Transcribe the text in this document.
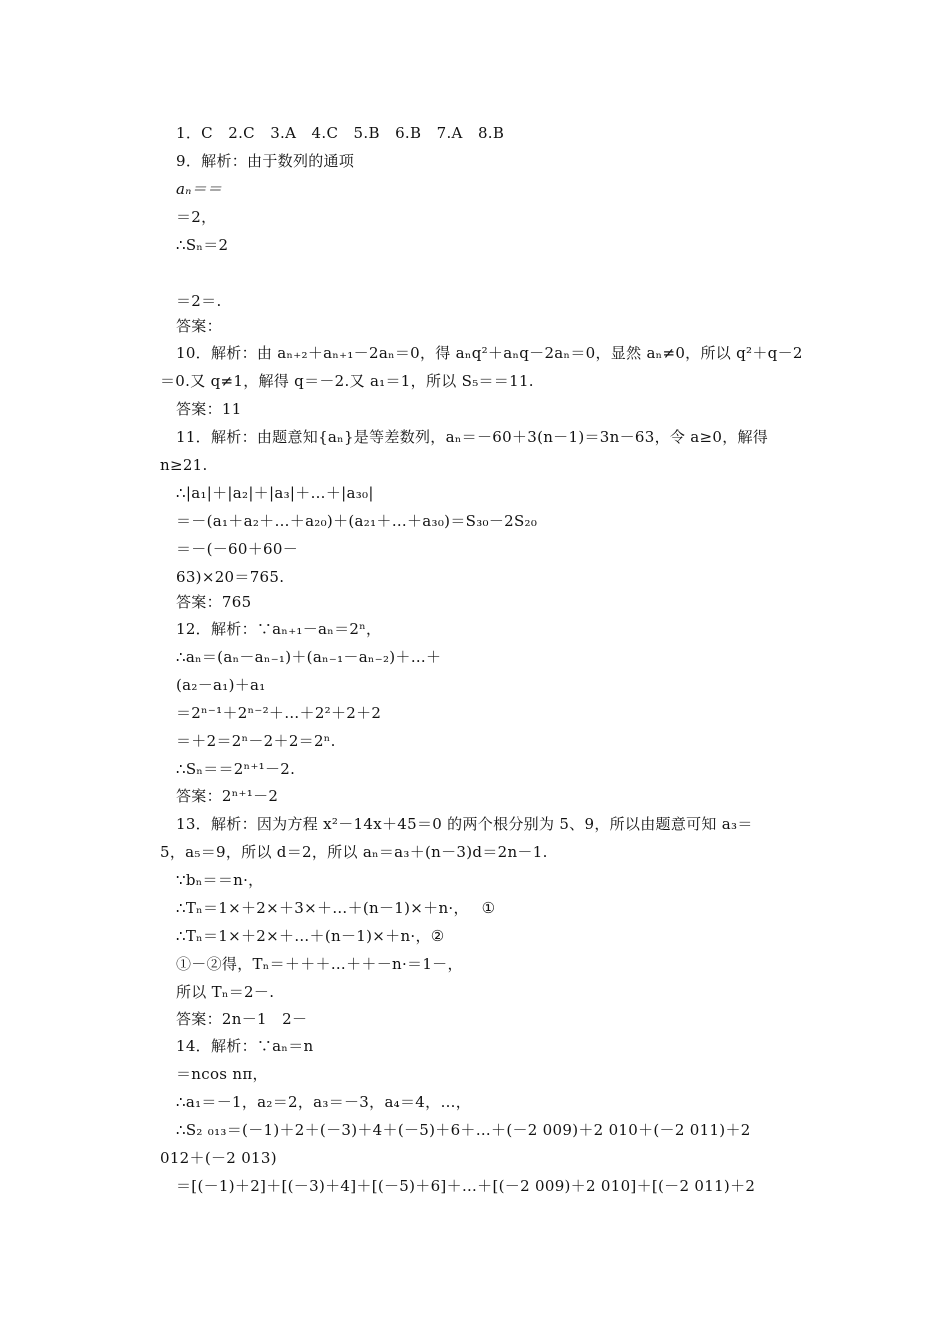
1．C　2.C　3.A　4.C　5.B　6.B　7.A　8.B
9．解析：由于数列的通项
aₙ＝＝
＝2，
∴Sₙ＝2
＝2＝.
答案：
10．解析：由 aₙ₊₂＋aₙ₊₁－2aₙ＝0，得 aₙq²＋aₙq－2aₙ＝0，显然 aₙ≠0，所以 q²＋q－2
＝0.又 q≠1，解得 q＝－2.又 a₁＝1，所以 S₅＝＝11.
答案：11
11．解析：由题意知{aₙ}是等差数列，aₙ＝－60＋3(n－1)＝3n－63，令 a≥0，解得
n≥21.
∴|a₁|＋|a₂|＋|a₃|＋…＋|a₃₀|
＝－(a₁＋a₂＋…＋a₂₀)＋(a₂₁＋…＋a₃₀)＝S₃₀－2S₂₀
＝－(－60＋60－
63)×20＝765.
答案：765
12．解析：∵aₙ₊₁－aₙ＝2ⁿ，
∴aₙ＝(aₙ－aₙ₋₁)＋(aₙ₋₁－aₙ₋₂)＋…＋
(a₂－a₁)＋a₁
＝2ⁿ⁻¹＋2ⁿ⁻²＋…＋2²＋2＋2
＝＋2＝2ⁿ－2＋2＝2ⁿ.
∴Sₙ＝＝2ⁿ⁺¹－2.
答案：2ⁿ⁺¹－2
13．解析：因为方程 x²－14x＋45＝0 的两个根分别为 5、9，所以由题意可知 a₃＝
5，a₅＝9，所以 d＝2，所以 aₙ＝a₃＋(n－3)d＝2n－1.
∵bₙ＝＝n·，
∴Tₙ＝1×＋2×＋3×＋…＋(n－1)×＋n·，　 ①
∴Tₙ＝1×＋2×＋…＋(n－1)×＋n·，②
①－②得，Tₙ＝＋＋＋…＋＋－n·＝1－，
所以 Tₙ＝2－.
答案：2n－1　2－
14．解析：∵aₙ＝n
＝ncos nπ，
∴a₁＝－1，a₂＝2，a₃＝－3，a₄＝4，…，
∴S₂ ₀₁₃＝(－1)＋2＋(－3)＋4＋(－5)＋6＋…＋(－2 009)＋2 010＋(－2 011)＋2
012＋(－2 013)
＝[(－1)＋2]＋[(－3)＋4]＋[(－5)＋6]＋…＋[(－2 009)＋2 010]＋[(－2 011)＋2
